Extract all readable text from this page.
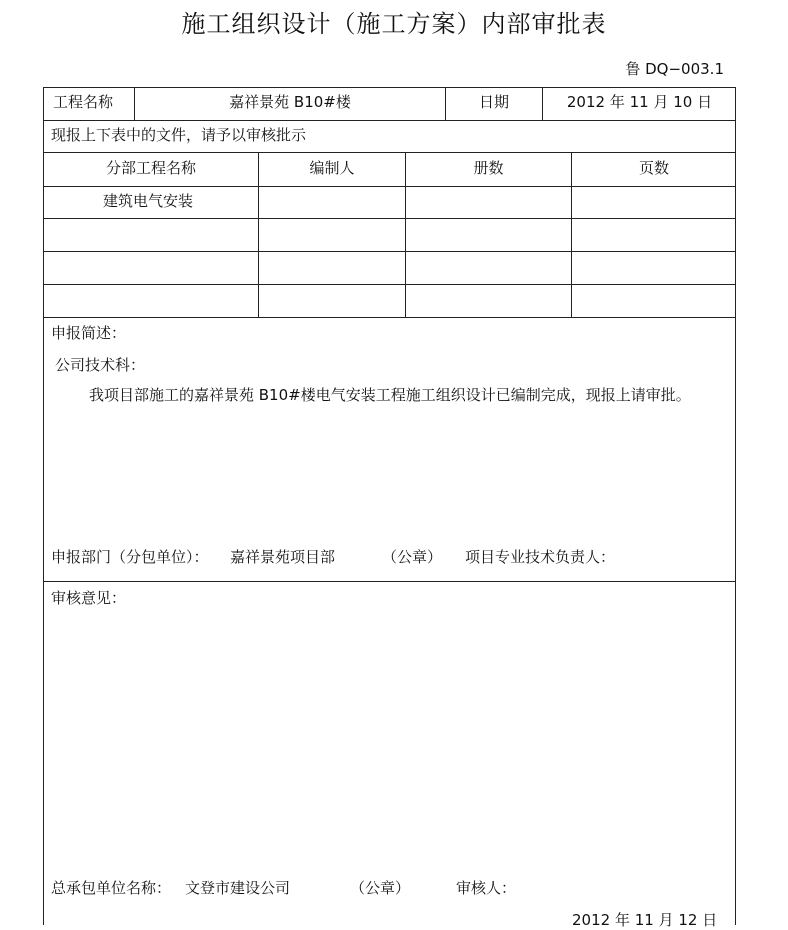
施工组织设计（施工方案）内部审批表
鲁 DQ−003.1
工程名称	嘉祥景苑 B10#楼	日期	2012 年 11 月 10 日
现报上下表中的文件，请予以审核批示
分部工程名称	编制人	册数	页数
建筑电气安装
申报简述：
公司技术科：
我项目部施工的嘉祥景苑 B10#楼电气安装工程施工组织设计已编制完成，现报上请审批。
申报部门（分包单位）： 嘉祥景苑项目部	（公章） 项目专业技术负责人：
审核意见：
总承包单位名称： 文登市建设公司	（公章）	审核人：
2012 年 11 月 12 日
